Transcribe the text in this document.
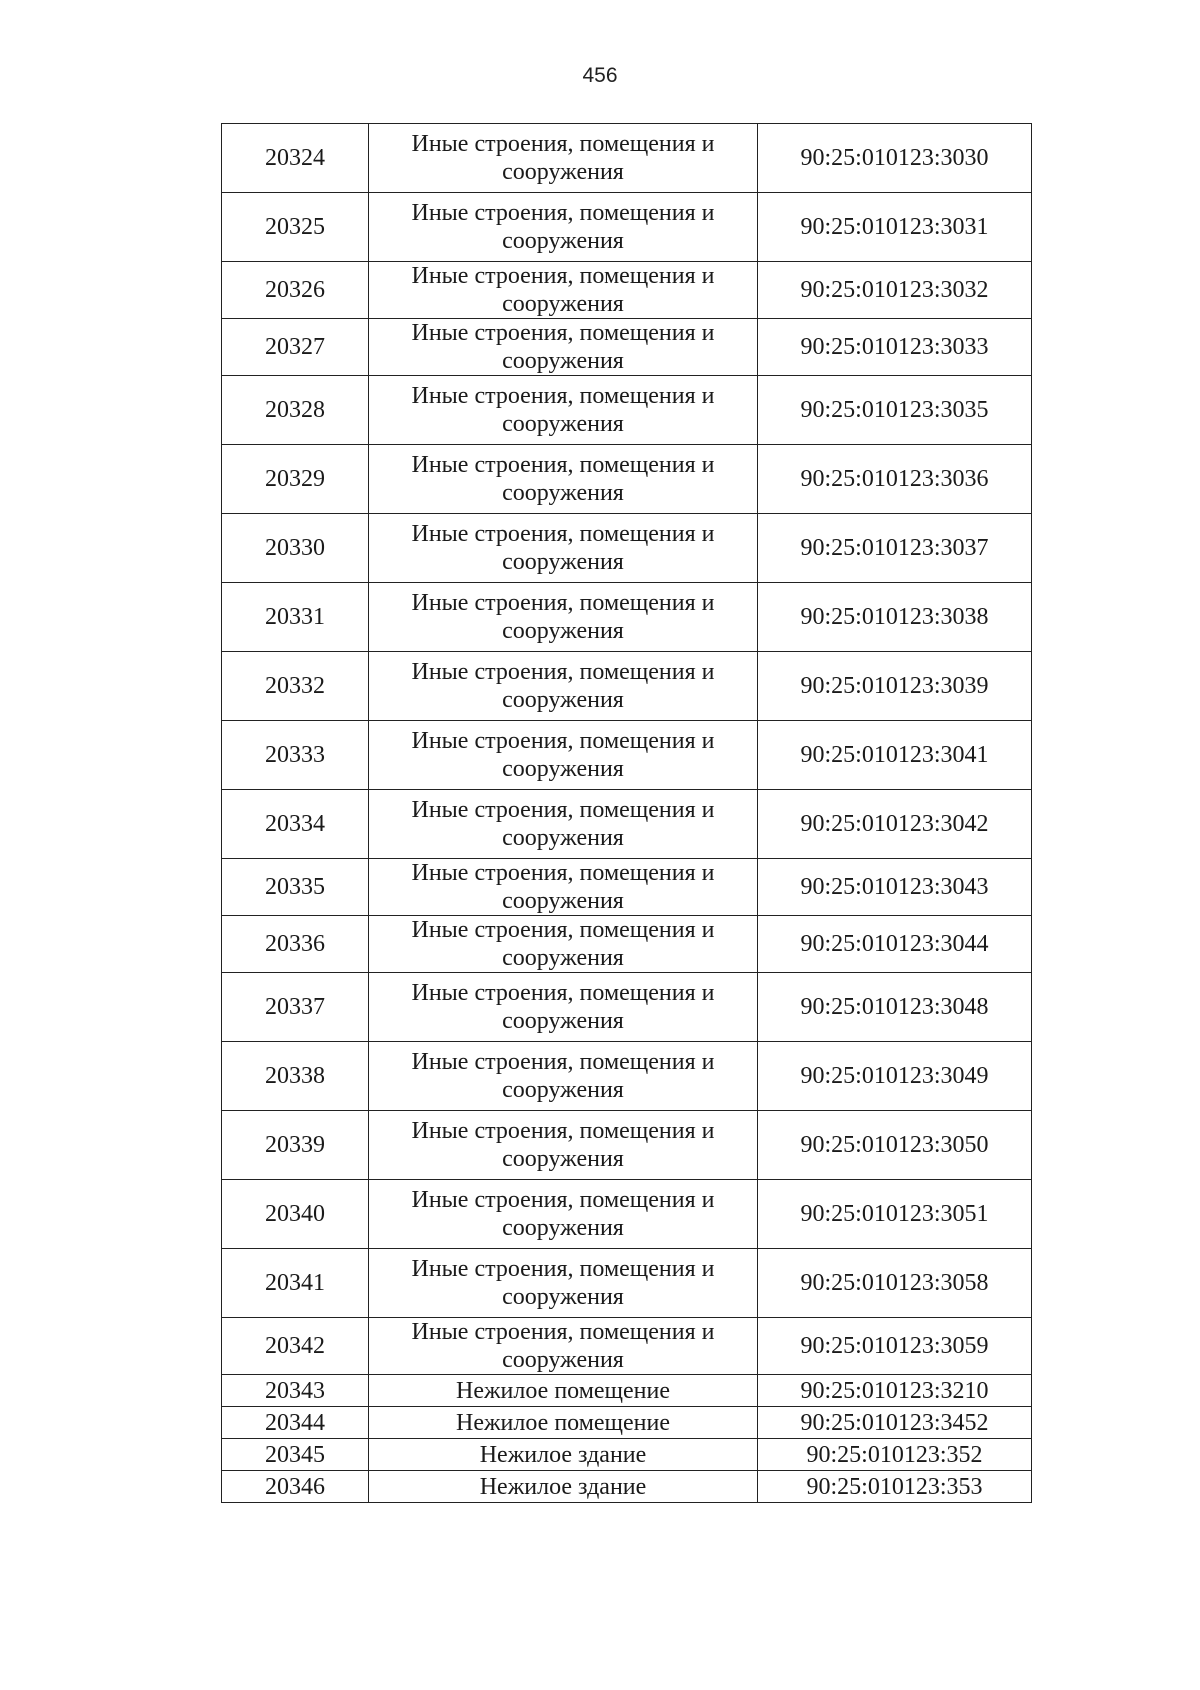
456
20324	Иные строения, помещения и сооружения	90:25:010123:3030
20325	Иные строения, помещения и сооружения	90:25:010123:3031
20326	Иные строения, помещения и сооружения	90:25:010123:3032
20327	Иные строения, помещения и сооружения	90:25:010123:3033
20328	Иные строения, помещения и сооружения	90:25:010123:3035
20329	Иные строения, помещения и сооружения	90:25:010123:3036
20330	Иные строения, помещения и сооружения	90:25:010123:3037
20331	Иные строения, помещения и сооружения	90:25:010123:3038
20332	Иные строения, помещения и сооружения	90:25:010123:3039
20333	Иные строения, помещения и сооружения	90:25:010123:3041
20334	Иные строения, помещения и сооружения	90:25:010123:3042
20335	Иные строения, помещения и сооружения	90:25:010123:3043
20336	Иные строения, помещения и сооружения	90:25:010123:3044
20337	Иные строения, помещения и сооружения	90:25:010123:3048
20338	Иные строения, помещения и сооружения	90:25:010123:3049
20339	Иные строения, помещения и сооружения	90:25:010123:3050
20340	Иные строения, помещения и сооружения	90:25:010123:3051
20341	Иные строения, помещения и сооружения	90:25:010123:3058
20342	Иные строения, помещения и сооружения	90:25:010123:3059
20343	Нежилое помещение	90:25:010123:3210
20344	Нежилое помещение	90:25:010123:3452
20345	Нежилое здание	90:25:010123:352
20346	Нежилое здание	90:25:010123:353
